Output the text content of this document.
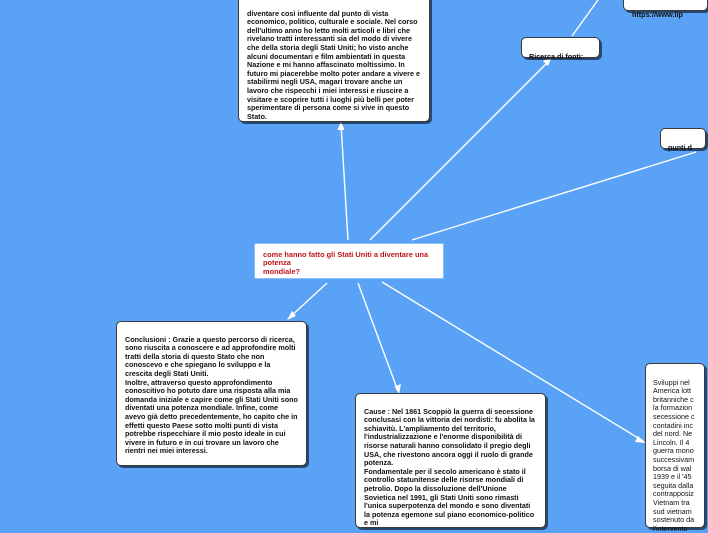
diventare così influente dal punto di vista economico, politico, culturale e sociale. Nel corso dell'ultimo anno ho letto molti articoli e libri che rivelano tratti interessanti sia del modo di vivere che della storia degli Stati Uniti; ho visto anche alcuni documentari e film ambientati in questa Nazione e mi hanno affascinato moltissimo. In futuro mi piacerebbe molto poter andare a vivere e stabilirmi negli USA, magari trovare anche un lavoro che rispecchi i miei interessi e riuscire a visitare e scoprire tutti i luoghi più belli per poter sperimentare di persona come si vive in questo Stato.

Ricerca di fonti:

https://www.lip

punti d

come hanno fatto gli Stati Uniti a diventare una potenza
mondiale?

Conclusioni : Grazie a questo percorso di ricerca, sono riuscita a conoscere e ad approfondire molti tratti della storia di questo Stato che non conoscevo e che spiegano lo sviluppo e la crescita degli Stati Uniti.
Inoltre, attraverso questo approfondimento conoscitivo ho potuto dare una risposta alla mia domanda iniziale e capire come gli Stati Uniti sono diventati una potenza mondiale. Infine, come avevo già detto precedentemente, ho capito che in effetti questo Paese sotto molti punti di vista potrebbe rispecchiare il mio posto ideale in cui vivere in futuro e in cui trovare un lavoro che rientri nei miei interessi.

Cause : Nel 1861 Scoppiò la guerra di secessione conclusasi con la vittoria dei nordisti: fu abolita la schiavitù. L'ampliamento del territorio, l'industrializzazione e l'enorme disponibilità di risorse naturali hanno consolidato il pregio degli USA, che rivestono ancora oggi il ruolo di grande potenza.
Fondamentale per il secolo americano è stato il controllo statunitense delle risorse mondiali di petrolio. Dopo la dissoluzione dell'Unione Sovietica nel 1991, gli Stati Uniti sono rimasti l'unica superpotenza del mondo e sono diventati la potenza egemone sul piano economico-politico e mi

Sviluppi nel
America lott
britanniche c
la formazion
secessione c
contadini inc
del nord. Ne
Lincoln. Il 4
guerra mono
successivam
borsa di wal
1939 e il '45
seguita dalla
contrapposiz
Vietnam tra
sud vietnam
sostenuto da
l'intervento
